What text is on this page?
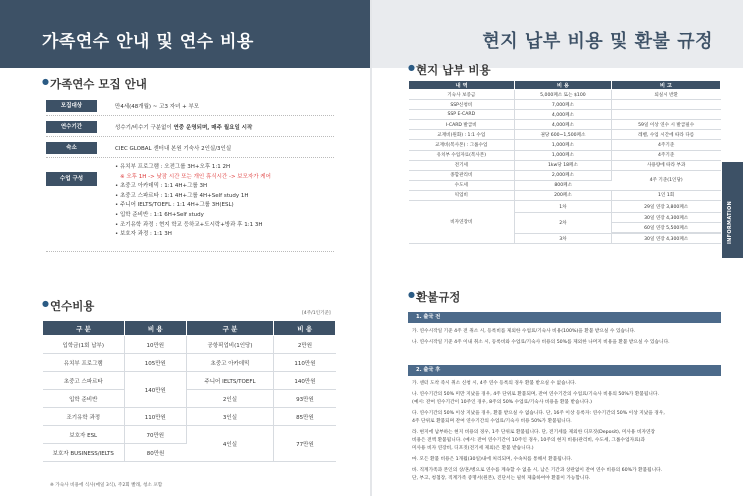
가족연수 안내 및 연수 비용
●가족연수 모집 안내
모집대상	만4세(48개월) ~ 고3 자녀 + 부모
연수기간	성수기/비수기 구분없이 연중 운영되며, 매주 월요일 시작
숙소	CIEC GLOBAL 센터내 본원 기숙사 2인실/3인실
수업 구성
• 유치부 프로그램 : 오전그룹 3H+오후 1:1 2H
※ 오후 1H -> 낮잠 시간 또는 개인 휴식시간 -> 보모자가 케어
• 초중고 아카데믹 : 1:1 4H+그룹 3H
• 초중고 스파르타 : 1:1 4H+그룹 4H+Self study 1H
• 주니어 IELTS/TOEFL : 1:1 4H+그룹 3H(ESL)
• 입학 준비반 : 1:1 6H+Self study
• 조기유학 과정 : 현지 학교 등하교+도시락+방과 후 1:1 3H
• 보호자 과정 : 1:1 3H
●연수비용
[4주/1인기준]
구 분	비 용	구 분	비 용
입학금(1회 납부)	10만원	공항픽업비(1인당)	2만원
유치부 프로그램	105만원	초중고 아카데믹	110만원
초중고 스파르타	140만원	주니어 IELTS/TOEFL	140만원
입학 준비반		2인실	93만원
조기유학 과정	110만원	3인실	85만원
보호자 ESL	70만원	4인실	77만원
보호자 BUSINESS/IELTS	80만원		
※ 가숙사 비용에 식사(매일 3식), 주2회 빨래, 청소 포함
현지 납부 비용 및 환불 규정
●현지 납부 비용
내 역	비 용	비 고
기숙사 보증금	5,000페소 또는 $100	퇴실시 반환
SSP신청비	7,000페소	
SSP E-CARD	4,000페소	
I-CARD 발급비	4,000페소	59일 이상 연수 시 발급필수
교재비(원화) : 1:1 수업	권당 600~1,500페소	레벨, 수업 시간에 따라 다름
교재비(복사본) : 그룹수업	1,000페소	4주기준
유치부 수업자료(복사본)	1,000페소	4주기준
전기세	1kw당 18페소	사용량에 따라 부과
종합관리비	2,000페소	4주 기준(1인당)
수도세	800페소	
픽업비	200페소	1인 1회
비자연장비	1차	29일 연장 3,800페소
	2차	30일 연장 4,300페소
		60일 연장 5,500페소

	3차	30일 연장 4,300페소
●환불규정
1. 출국 전
가. 연수시작일 기준 4주 전 취소 시, 등록비를 제외한 수업료/기숙사 비용(100%)을 환불 받으실 수 있습니다.
나. 연수시작일 기준 4주 이내 취소 시, 등록비와 수업료/기숙사 비용의 50%를 제외한 나머지 비용을 환불 받으실 수 있습니다.
2. 출국 후
가. 센터 도착 즉시 취소 신청 시, 4주 연수 등록의 경우 환불 받으실 수 없습니다.
나. 연수기간의 50% 미만 지났을 경우, 4주 단위로 환불되며, 잔여 연수기간의 수업료/기숙사 비용의 50%가 환불됩니다.
(예시: 잔여 연수기간이 10주인 경우, 8주의 50% 수업료/기숙사 비용을 환불 받습니다.)
다. 연수기간의 50% 이상 지났을 경우, 환불 받으실 수 없습니다. 단, 16주 이상 등록자: 연수기간의 50% 이상 지났을 경우,
4주 단위로 환불되며 잔여 연수기간의 수업료/기숙사 비용 50%가 환불됩니다.
라. 현지에 납부하는 현지 비용의 경우, 1주 단위로 환불됩니다. 단, 전기세를 제외한 디포짓(Deposit), 미사용 비자연장
비용은 전액 환불됩니다. (예시: 잔여 연수기간이 10주인 경우, 10주의 현지 비용(관리비, 수도세, 그룹수업자료)과
미사용 비자 연장비, 디포짓(전기세 제외)은 환불 받습니다.)
마. 모든 환불 비용은 1개월(30일)내에 처리되며, 수속처를 통해서 환불됩니다.
바. 직계가족과 본인의 상/혼/병으로 연수를 계속할 수 없을 시, 남은 기간과 상관없이 잔여 연수 비용의 60%가 환불됩니다.
단, 부고, 청첩장, 직계가족 증명서(원본), 진단서는 필히 제출하여야 환불이 가능합니다.
INFORMATION
